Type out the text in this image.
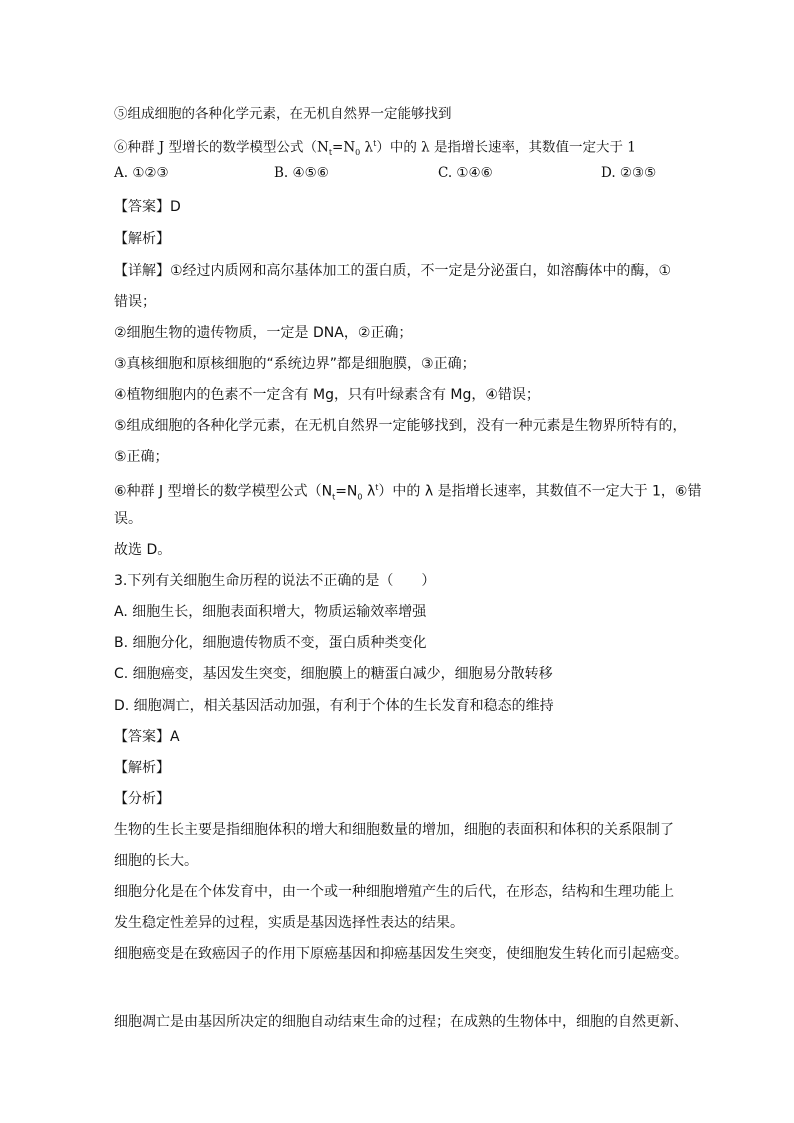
⑤组成细胞的各种化学元素，在无机自然界一定能够找到
⑥种群 J 型增长的数学模型公式（$N_t=N_0$ $\lambda^t$）中的 λ 是指增长速率，其数值一定大于 1
A. ①②③	B. ④⑤⑥	C. ①④⑥	D. ②③⑤
【答案】D
【解析】
【详解】①经过内质网和高尔基体加工的蛋白质，不一定是分泌蛋白，如溶酶体中的酶，①
错误；
②细胞生物的遗传物质，一定是 DNA，②正确；
③真核细胞和原核细胞的“系统边界”都是细胞膜，③正确；
④植物细胞内的色素不一定含有 Mg，只有叶绿素含有 Mg，④错误；
⑤组成细胞的各种化学元素，在无机自然界一定能够找到，没有一种元素是生物界所特有的，
⑤正确；
⑥种群 J 型增长的数学模型公式（$N_t=N_0$ $\lambda^t$）中的 λ 是指增长速率，其数值不一定大于 1，⑥错
误。
故选 D。
3.下列有关细胞生命历程的说法不正确的是（　　）
A. 细胞生长，细胞表面积增大，物质运输效率增强
B. 细胞分化，细胞遗传物质不变，蛋白质种类变化
C. 细胞癌变，基因发生突变，细胞膜上的糖蛋白减少，细胞易分散转移
D. 细胞凋亡，相关基因活动加强，有利于个体的生长发育和稳态的维持
【答案】A
【解析】
【分析】
生物的生长主要是指细胞体积的增大和细胞数量的增加，细胞的表面积和体积的关系限制了
细胞的长大。
细胞分化是在个体发育中，由一个或一种细胞增殖产生的后代，在形态，结构和生理功能上
发生稳定性差异的过程，实质是基因选择性表达的结果。
细胞癌变是在致癌因子的作用下原癌基因和抑癌基因发生突变，使细胞发生转化而引起癌变。
细胞凋亡是由基因所决定的细胞自动结束生命的过程；在成熟的生物体中，细胞的自然更新、
